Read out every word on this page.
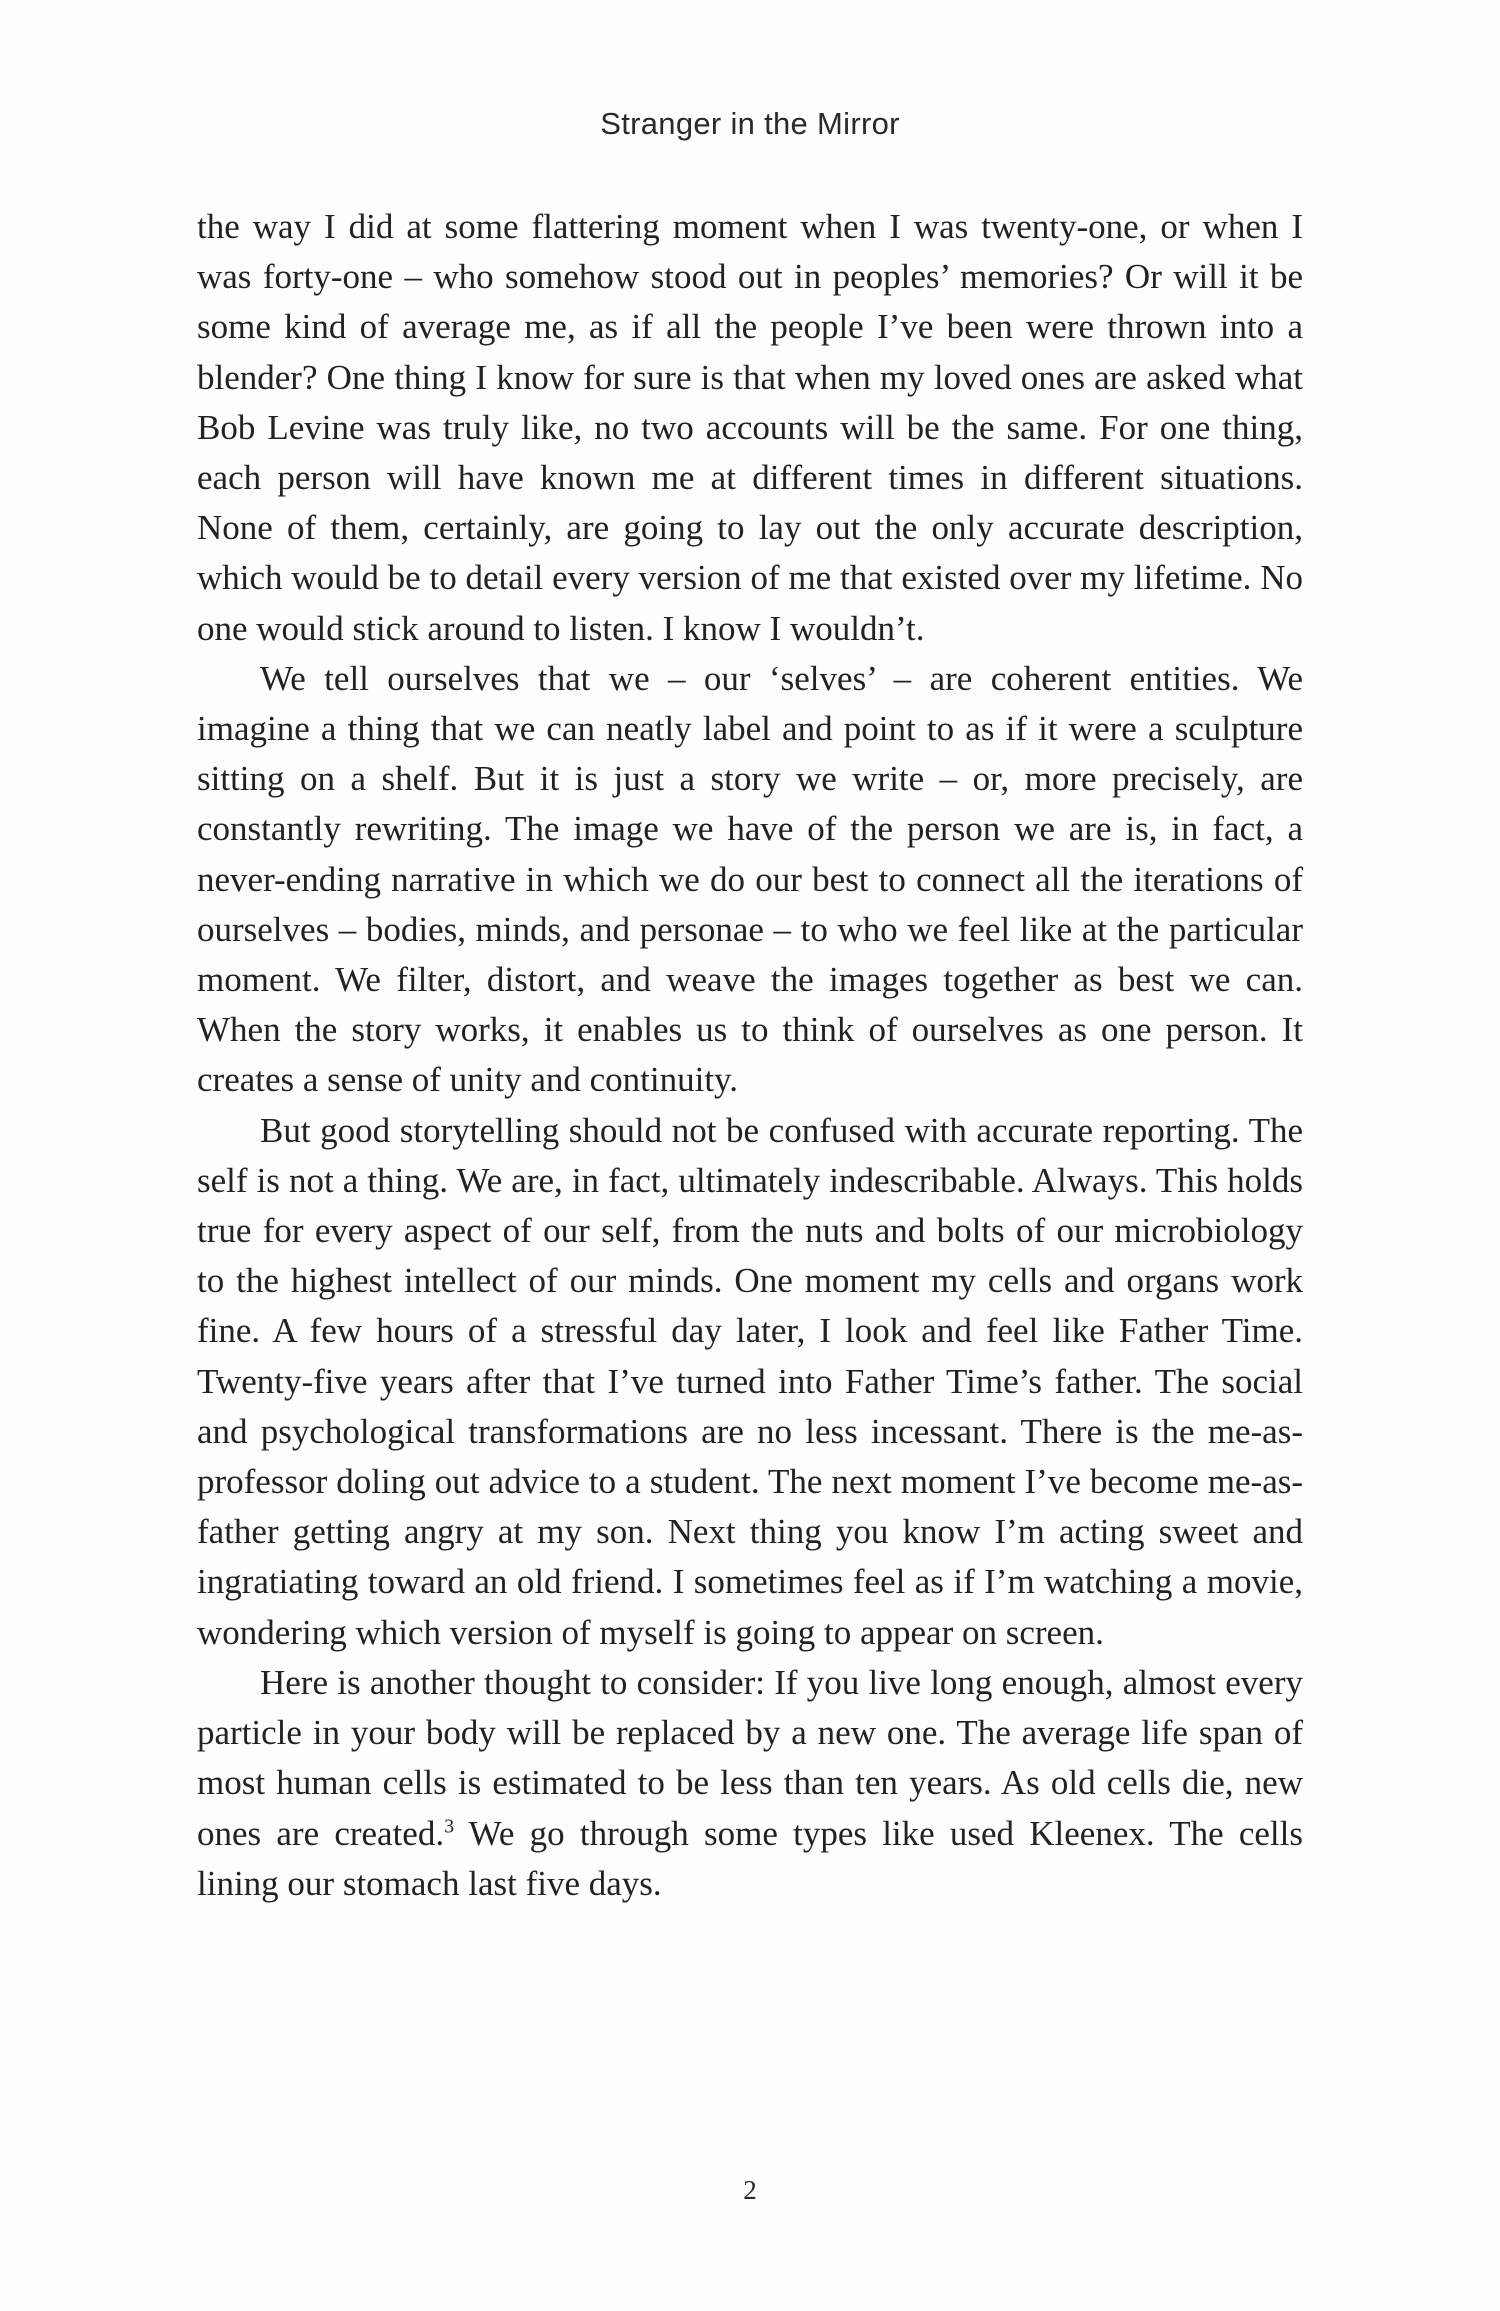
Stranger in the Mirror

the way I did at some flattering moment when I was twenty-one, or when I was forty-one – who somehow stood out in peoples’ memories? Or will it be some kind of average me, as if all the people I’ve been were thrown into a blender? One thing I know for sure is that when my loved ones are asked what Bob Levine was truly like, no two accounts will be the same. For one thing, each person will have known me at different times in different situations. None of them, certainly, are going to lay out the only accurate description, which would be to detail every version of me that existed over my lifetime. No one would stick around to listen. I know I wouldn’t.

We tell ourselves that we – our ‘selves’ – are coherent entities. We imagine a thing that we can neatly label and point to as if it were a sculpture sitting on a shelf. But it is just a story we write – or, more precisely, are constantly rewriting. The image we have of the person we are is, in fact, a never-ending narrative in which we do our best to connect all the iterations of ourselves – bodies, minds, and personae – to who we feel like at the particular moment. We filter, distort, and weave the images together as best we can. When the story works, it enables us to think of ourselves as one person. It creates a sense of unity and continuity.

But good storytelling should not be confused with accurate reporting. The self is not a thing. We are, in fact, ultimately indescribable. Always. This holds true for every aspect of our self, from the nuts and bolts of our microbiology to the highest intellect of our minds. One moment my cells and organs work fine. A few hours of a stressful day later, I look and feel like Father Time. Twenty-five years after that I’ve turned into Father Time’s father. The social and psychological transformations are no less incessant. There is the me-as-professor doling out advice to a student. The next moment I’ve become me-as-father getting angry at my son. Next thing you know I’m acting sweet and ingratiating toward an old friend. I sometimes feel as if I’m watching a movie, wondering which version of myself is going to appear on screen.

Here is another thought to consider: If you live long enough, almost every particle in your body will be replaced by a new one. The average life span of most human cells is estimated to be less than ten years. As old cells die, new ones are created.$^3$ We go through some types like used Kleenex. The cells lining our stomach last five days.

2
